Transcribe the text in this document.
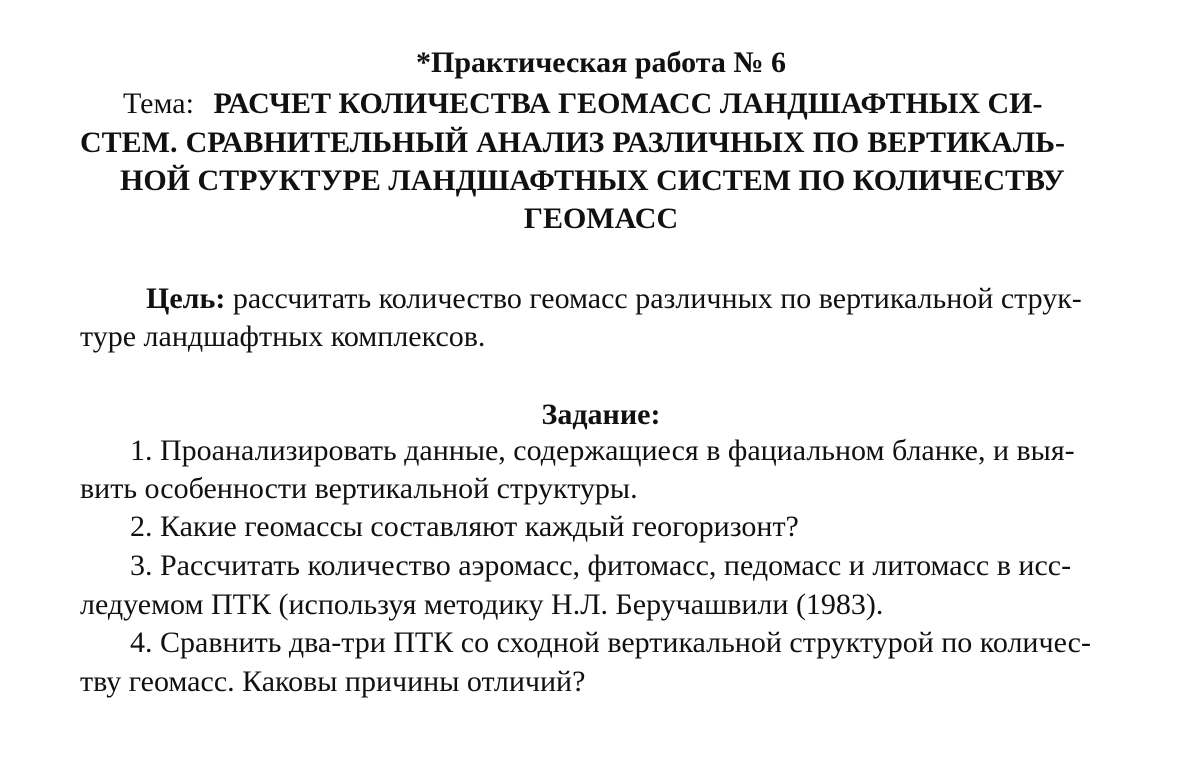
*Практическая работа № 6
Тема: РАСЧЕТ КОЛИЧЕСТВА ГЕОМАСС ЛАНДШАФТНЫХ СИ-
СТЕМ. СРАВНИТЕЛЬНЫЙ АНАЛИЗ РАЗЛИЧНЫХ ПО ВЕРТИКАЛЬ-
НОЙ СТРУКТУРЕ ЛАНДШАФТНЫХ СИСТЕМ ПО КОЛИЧЕСТВУ
ГЕОМАСС
Цель: рассчитать количество геомасс различных по вертикальной струк-
туре ландшафтных комплексов.
Задание:
1. Проанализировать данные, содержащиеся в фациальном бланке, и выя-
вить особенности вертикальной структуры.
2. Какие геомассы составляют каждый геогоризонт?
3. Рассчитать количество аэромасс, фитомасс, педомасс и литомасс в исс-
ледуемом ПТК (используя методику Н.Л. Беручашвили (1983).
4. Сравнить два-три ПТК со сходной вертикальной структурой по количес-
тву геомасс. Каковы причины отличий?
